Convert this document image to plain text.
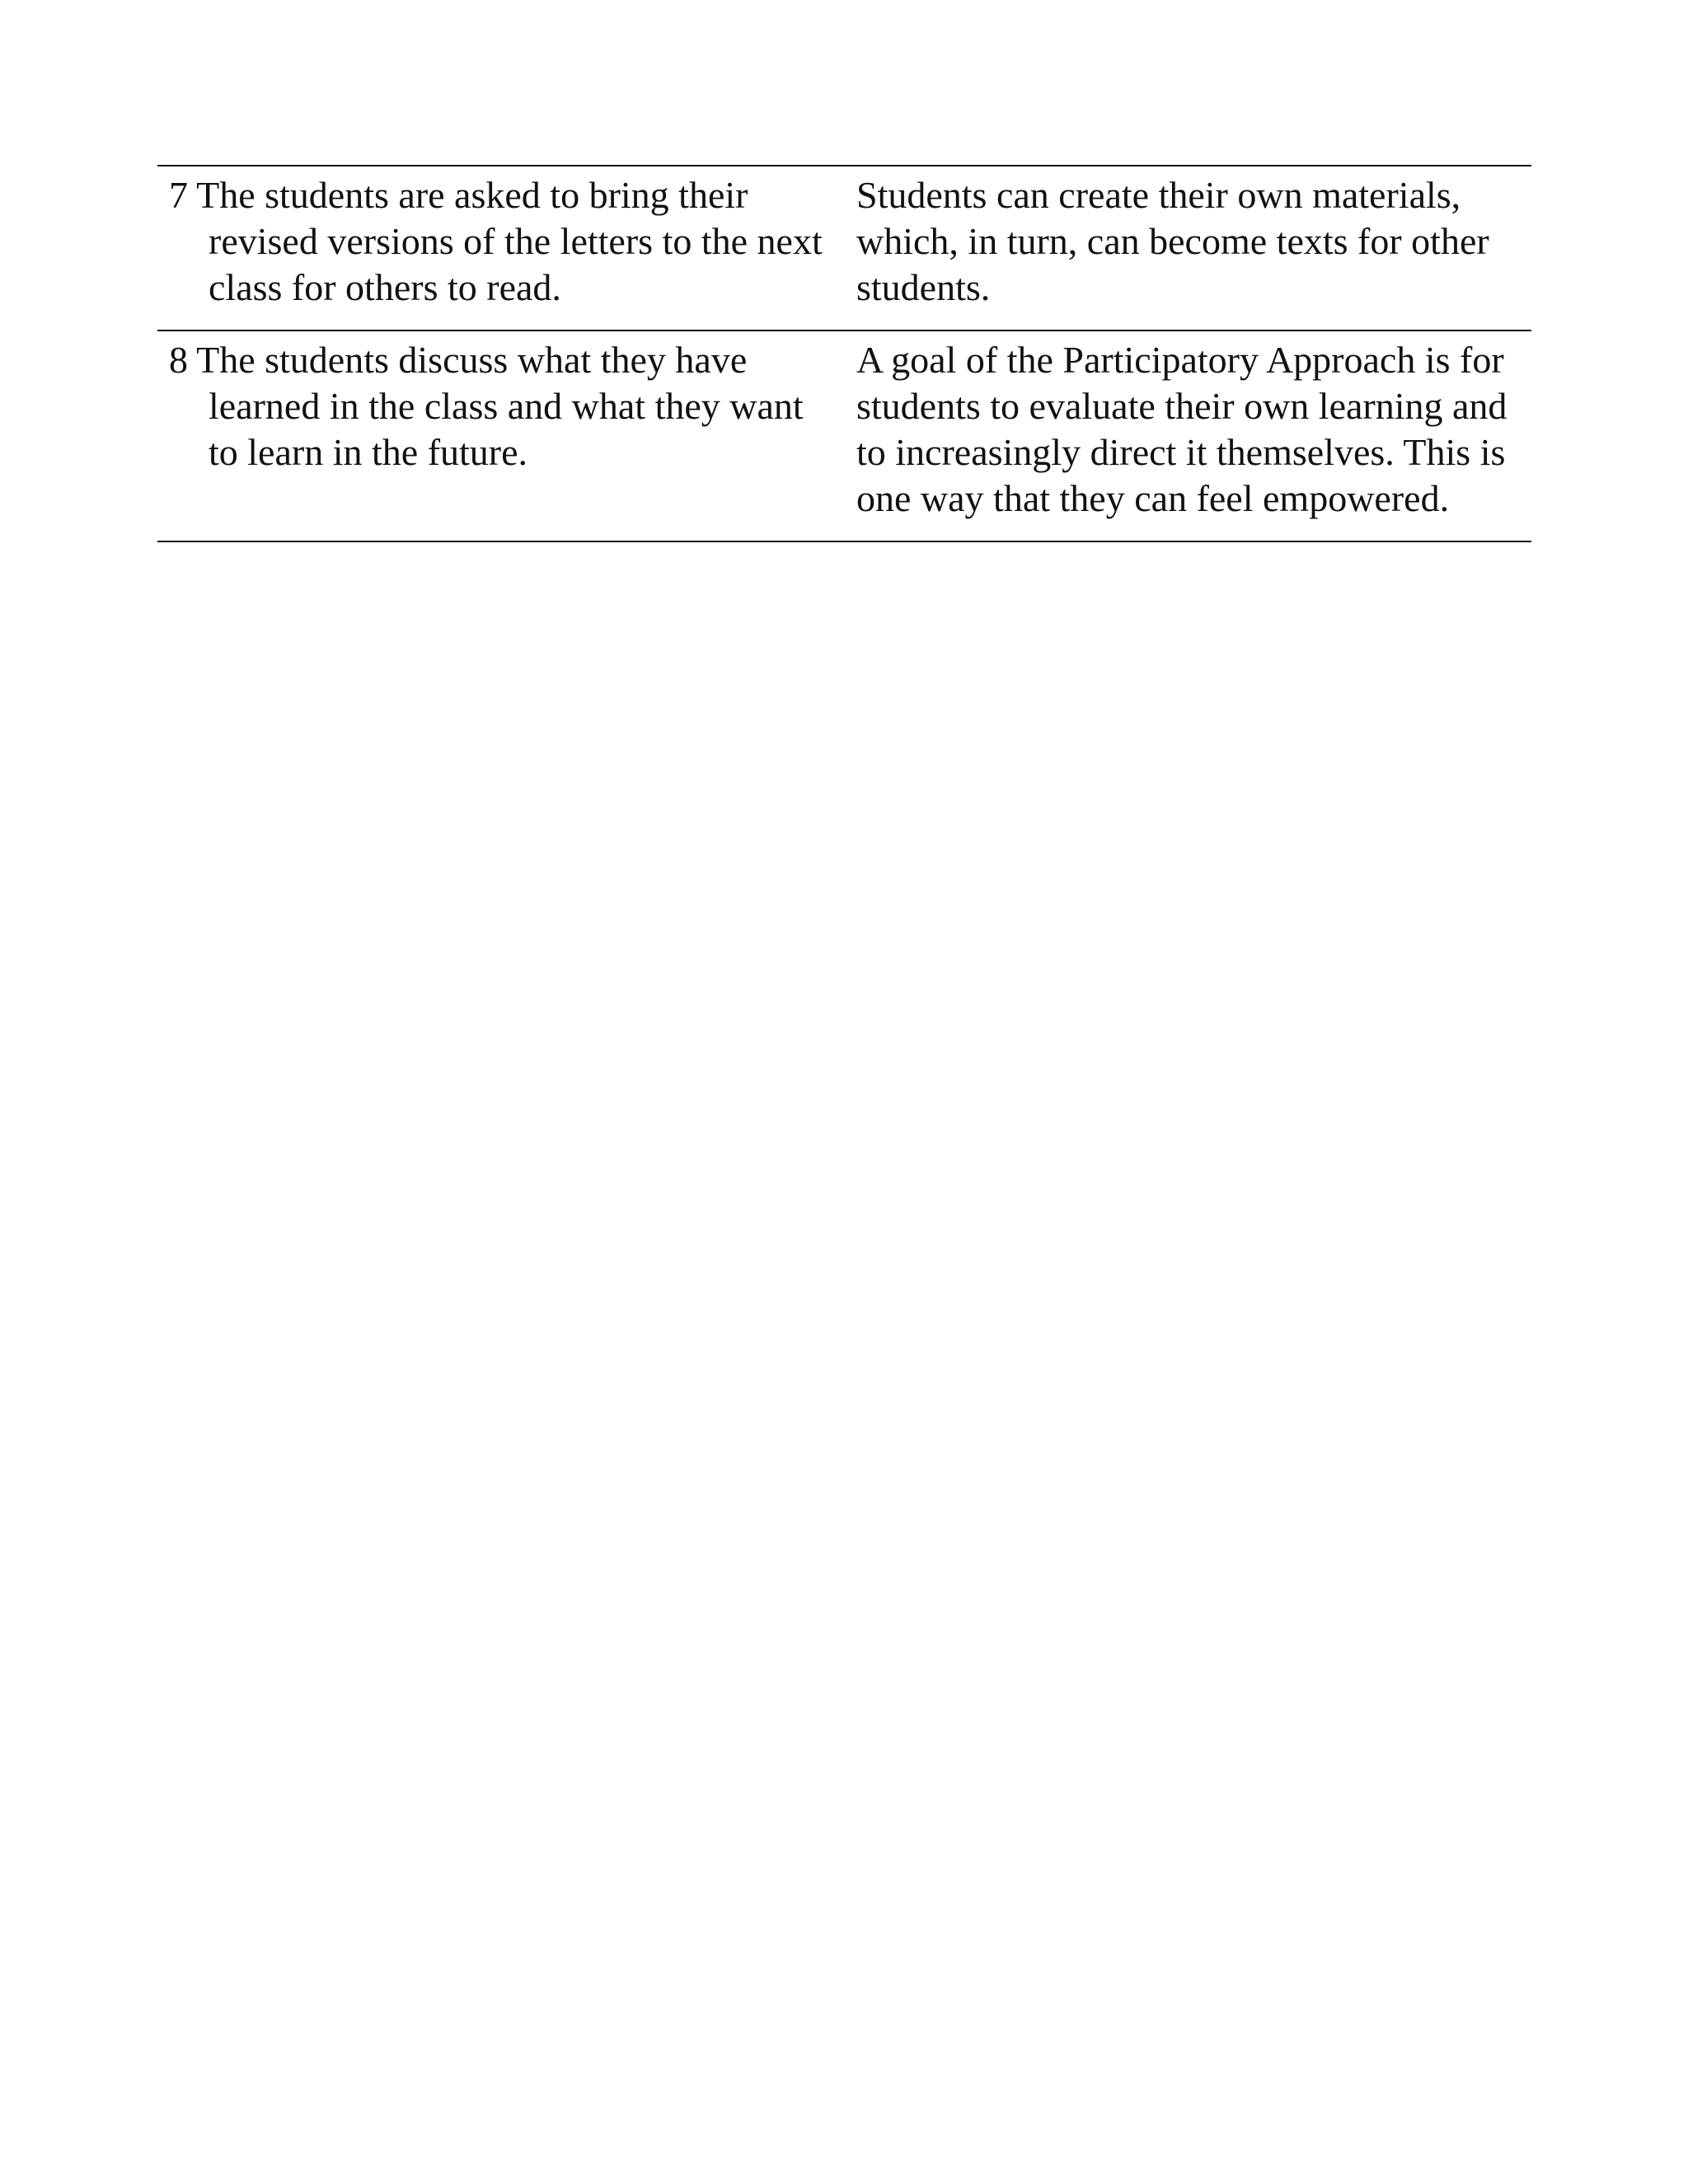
7 The students are asked to bring their revised versions of the letters to the next class for others to read.	Students can create their own materials, which, in turn, can become texts for other students.

8 The students discuss what they have learned in the class and what they want to learn in the future.	A goal of the Participatory Approach is for students to evaluate their own learning and to increasingly direct it themselves. This is one way that they can feel empowered.
